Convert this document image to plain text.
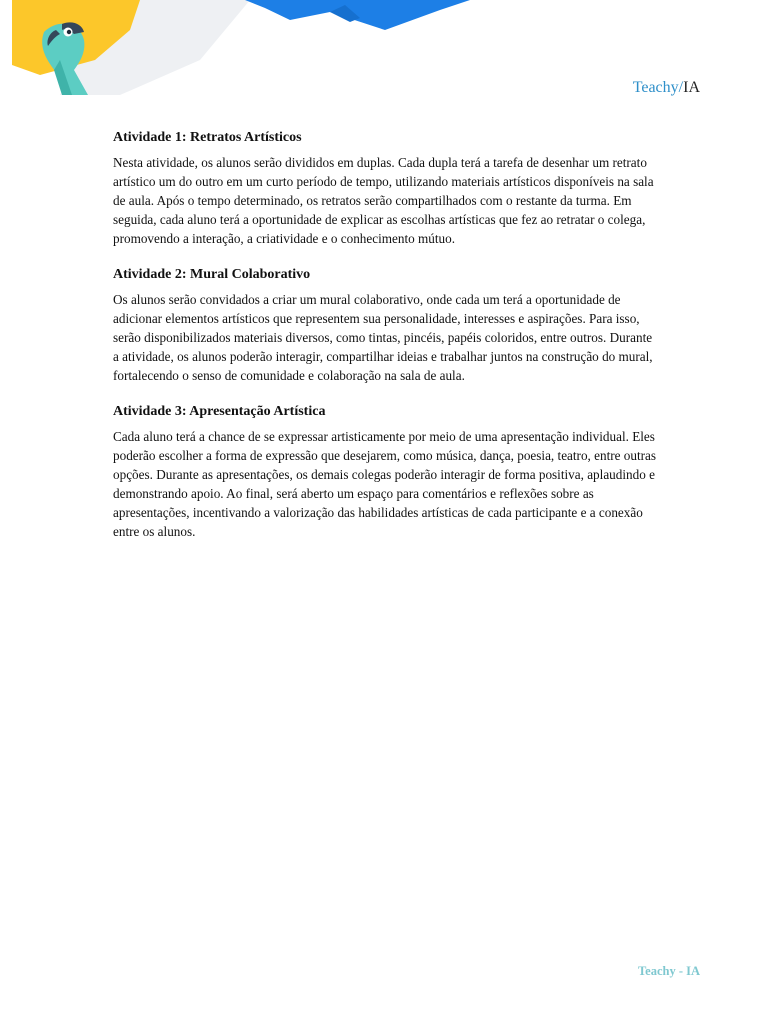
Teachy/IA
Atividade 1: Retratos Artísticos

Nesta atividade, os alunos serão divididos em duplas. Cada dupla terá a tarefa de desenhar um retrato artístico um do outro em um curto período de tempo, utilizando materiais artísticos disponíveis na sala de aula. Após o tempo determinado, os retratos serão compartilhados com o restante da turma. Em seguida, cada aluno terá a oportunidade de explicar as escolhas artísticas que fez ao retratar o colega, promovendo a interação, a criatividade e o conhecimento mútuo.

Atividade 2: Mural Colaborativo

Os alunos serão convidados a criar um mural colaborativo, onde cada um terá a oportunidade de adicionar elementos artísticos que representem sua personalidade, interesses e aspirações. Para isso, serão disponibilizados materiais diversos, como tintas, pincéis, papéis coloridos, entre outros. Durante a atividade, os alunos poderão interagir, compartilhar ideias e trabalhar juntos na construção do mural, fortalecendo o senso de comunidade e colaboração na sala de aula.

Atividade 3: Apresentação Artística

Cada aluno terá a chance de se expressar artisticamente por meio de uma apresentação individual. Eles poderão escolher a forma de expressão que desejarem, como música, dança, poesia, teatro, entre outras opções. Durante as apresentações, os demais colegas poderão interagir de forma positiva, aplaudindo e demonstrando apoio. Ao final, será aberto um espaço para comentários e reflexões sobre as apresentações, incentivando a valorização das habilidades artísticas de cada participante e a conexão entre os alunos.

Teachy - IA
